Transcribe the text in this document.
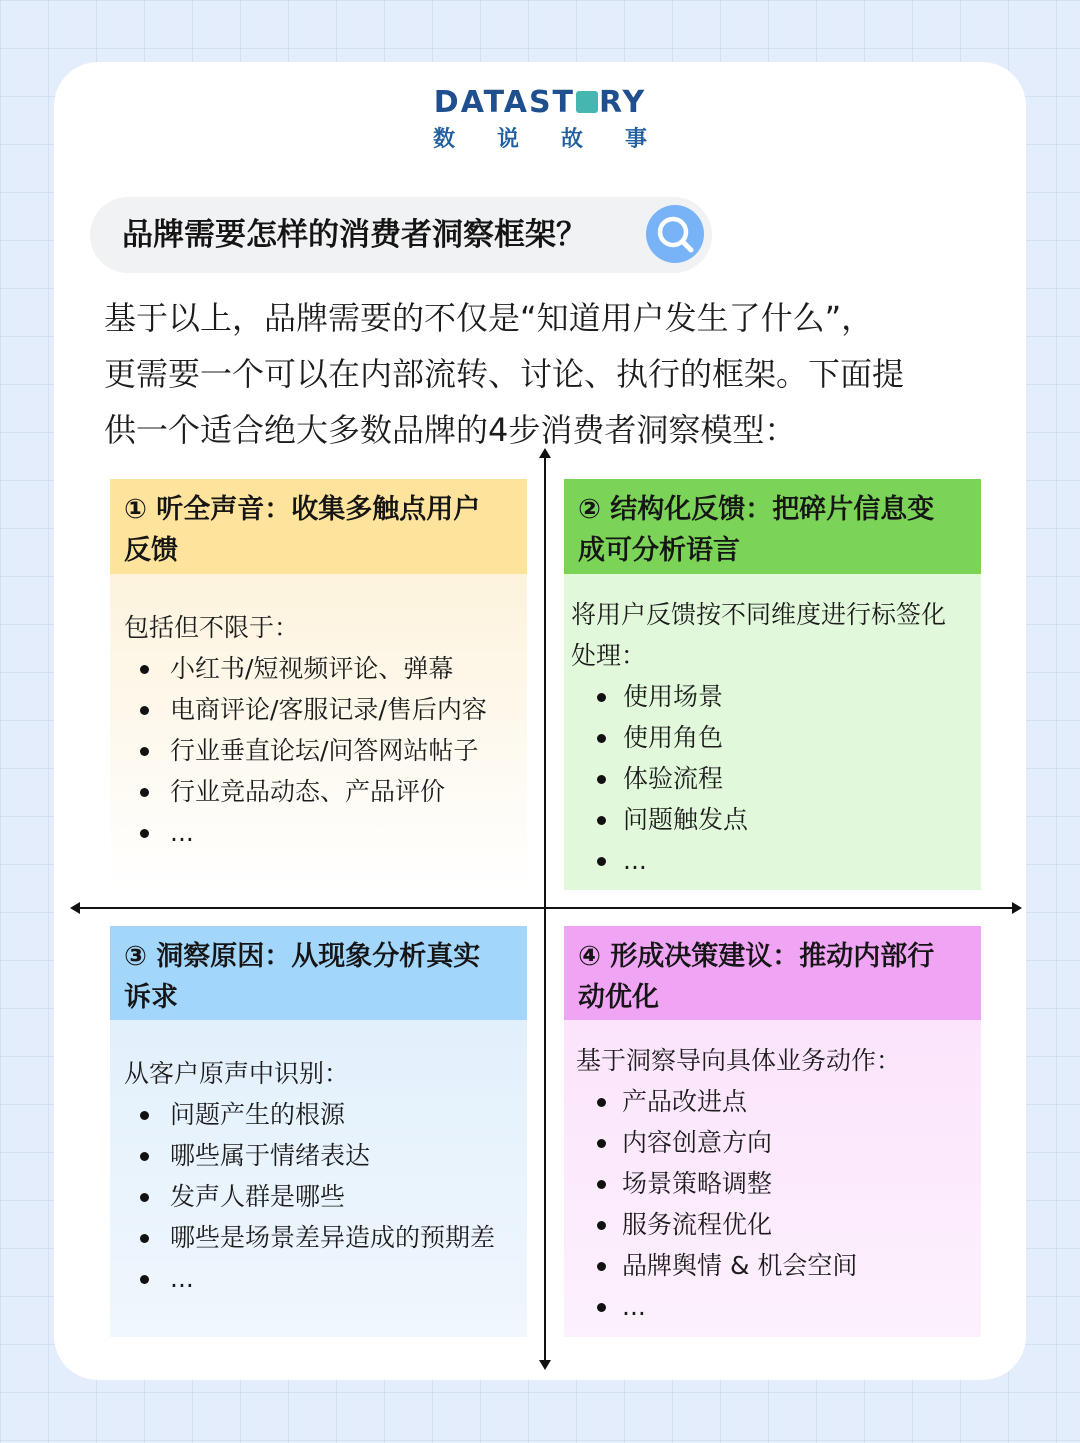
DATAST RY
数说故事
品牌需要怎样的消费者洞察框架？
基于以上，品牌需要的不仅是“知道用户发生了什么”，
更需要一个可以在内部流转、讨论、执行的框架。下面提
供一个适合绝大多数品牌的4步消费者洞察模型：
① 听全声音：收集多触点用户
反馈
包括但不限于：
小红书/短视频评论、弹幕
电商评论/客服记录/售后内容
行业垂直论坛/问答网站帖子
行业竞品动态、产品评价
...
② 结构化反馈：把碎片信息变
成可分析语言
将用户反馈按不同维度进行标签化
处理：
使用场景
使用角色
体验流程
问题触发点
...
③ 洞察原因：从现象分析真实
诉求
从客户原声中识别：
问题产生的根源
哪些属于情绪表达
发声人群是哪些
哪些是场景差异造成的预期差
...
④ 形成决策建议：推动内部行
动优化
基于洞察导向具体业务动作：
产品改进点
内容创意方向
场景策略调整
服务流程优化
品牌舆情 & 机会空间
...
